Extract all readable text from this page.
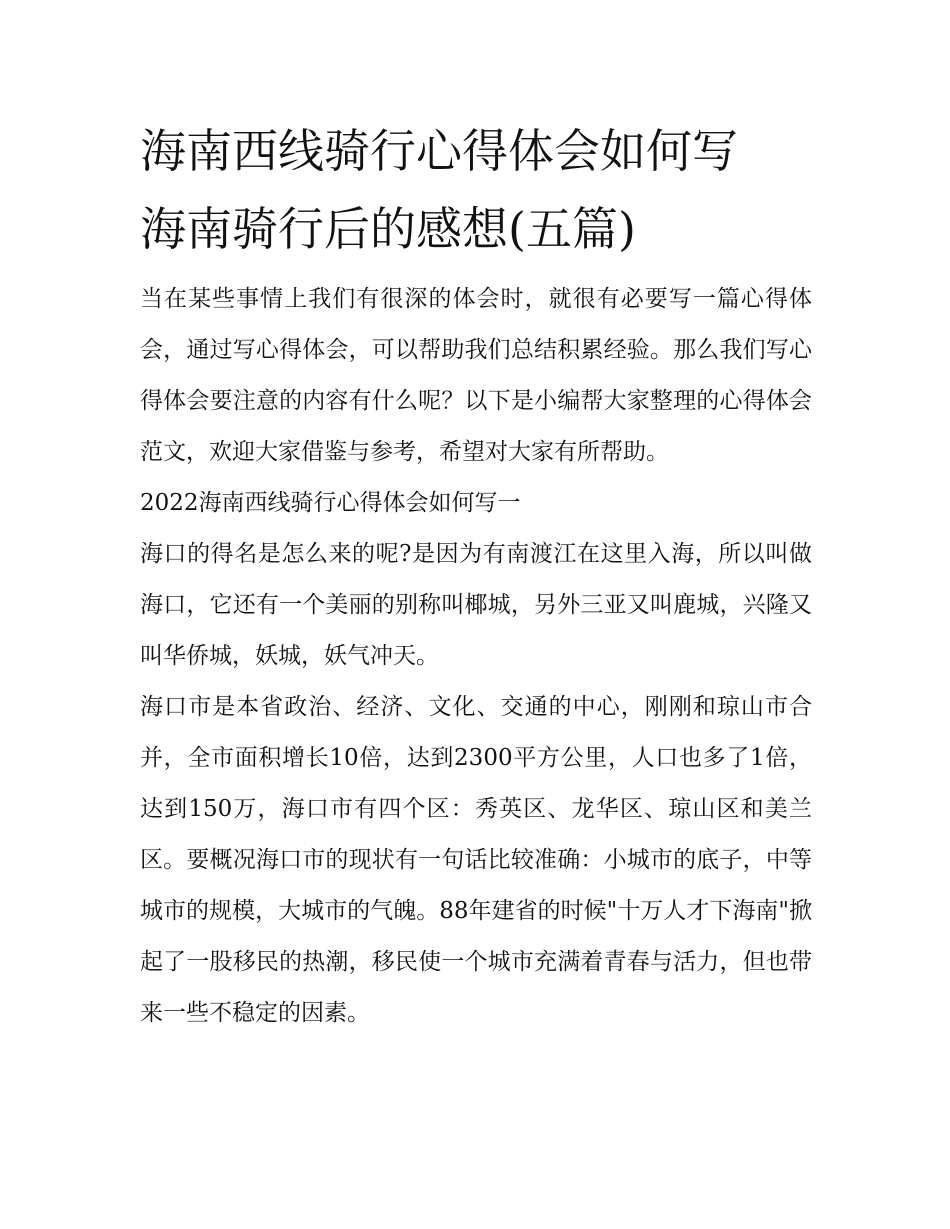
海南西线骑行心得体会如何写
海南骑行后的感想(五篇)

当在某些事情上我们有很深的体会时，就很有必要写一篇心得体会，通过写心得体会，可以帮助我们总结积累经验。那么我们写心得体会要注意的内容有什么呢？以下是小编帮大家整理的心得体会范文，欢迎大家借鉴与参考，希望对大家有所帮助。

2022海南西线骑行心得体会如何写一

海口的得名是怎么来的呢?是因为有南渡江在这里入海，所以叫做海口，它还有一个美丽的别称叫椰城，另外三亚又叫鹿城，兴隆又叫华侨城，妖城，妖气冲天。

海口市是本省政治、经济、文化、交通的中心，刚刚和琼山市合并，全市面积增长10倍，达到2300平方公里，人口也多了1倍，达到150万，海口市有四个区：秀英区、龙华区、琼山区和美兰区。要概况海口市的现状有一句话比较准确：小城市的底子，中等城市的规模，大城市的气魄。88年建省的时候"十万人才下海南"掀起了一股移民的热潮，移民使一个城市充满着青春与活力，但也带来一些不稳定的因素。
